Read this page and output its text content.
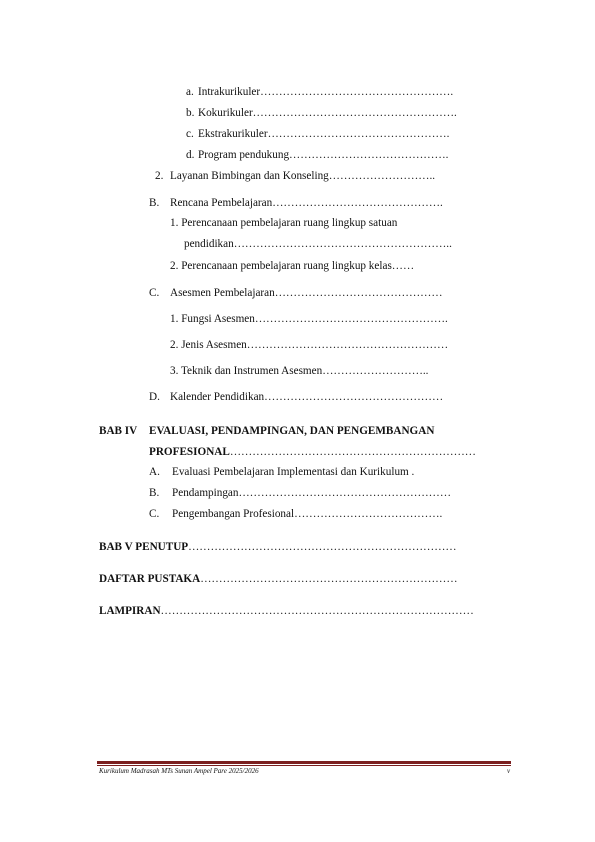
a. Intrakurikuler…………………………………………….
b. Kokurikuler……………………………………………….
c. Ekstrakurikuler………………………………………….
d. Program pendukung…………………………………….
2. Layanan Bimbingan dan Konseling………………………..
B. Rencana Pembelajaran……………………………………….
1. Perencanaan pembelajaran ruang lingkup satuan
pendidikan…………………………………………………..
2. Perencanaan pembelajaran ruang lingkup kelas……
C. Asesmen Pembelajaran………………………………………
1. Fungsi Asesmen…………………………………………….
2. Jenis Asesmen………………………………………………
3. Teknik dan Instrumen Asesmen………………………..
D. Kalender Pendidikan…………………………………………
BAB IV EVALUASI, PENDAMPINGAN, DAN PENGEMBANGAN
PROFESIONAL…………………………………………………………
A. Evaluasi Pembelajaran Implementasi dan Kurikulum .
B. Pendampingan…………………………………………………
C. Pengembangan Profesional………………………………….
BAB V PENUTUP………………………………………………………………
DAFTAR PUSTAKA……………………………………………………………
LAMPIRAN…………………………………………………………………………
Kurikulum Madrasah MTs Sunan Ampel Pare 2025/2026	v
